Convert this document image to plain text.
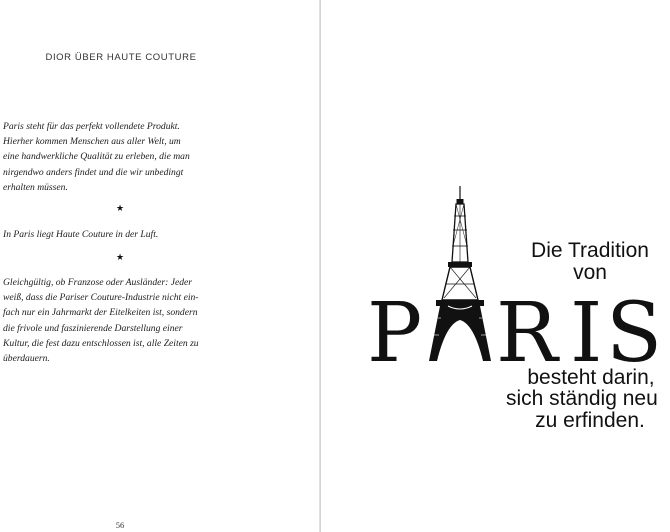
DIOR ÜBER HAUTE COUTURE

Paris steht für das perfekt vollendete Produkt.
Hierher kommen Menschen aus aller Welt, um
eine handwerkliche Qualität zu erleben, die man
nirgendwo anders findet und die wir unbedingt
erhalten müssen.

★

In Paris liegt Haute Couture in der Luft.

★

Gleichgültig, ob Franzose oder Ausländer: Jeder
weiß, dass die Pariser Couture-Industrie nicht ein-
fach nur ein Jahrmarkt der Eitelkeiten ist, sondern
die frivole und faszinierende Darstellung einer
Kultur, die fest dazu entschlossen ist, alle Zeiten zu
überdauern.

56
Die Tradition
von
P R I S
besteht darin,
sich ständig neu
zu erfinden.
